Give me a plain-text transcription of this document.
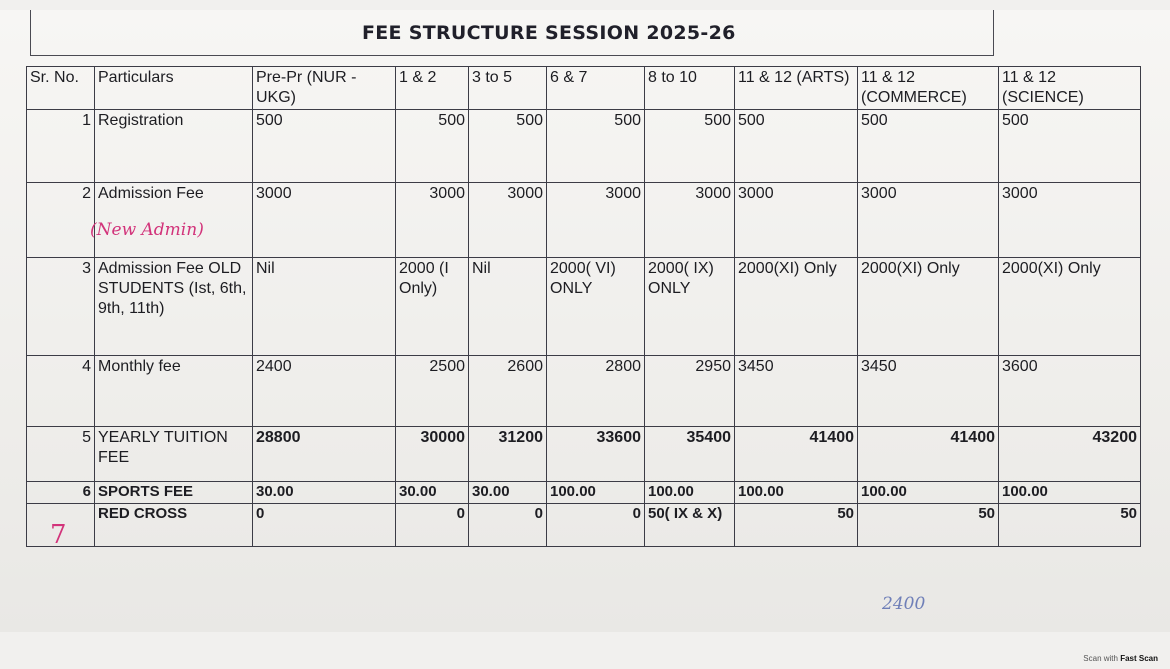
FEE STRUCTURE SESSION 2025-26
Sr. No.	Particulars	Pre-Pr (NUR - UKG)	1 & 2	3 to 5	6 & 7	8 to 10	11 & 12 (ARTS)	11 & 12 (COMMERCE)	11 & 12 (SCIENCE)
1	Registration	500	500	500	500	500	500	500	500
2	Admission Fee	3000	3000	3000	3000	3000	3000	3000	3000
3	Admission Fee OLD STUDENTS (Ist, 6th, 9th, 11th)	Nil	2000 (I Only)	Nil	2000( VI) ONLY	2000( IX) ONLY	2000(XI) Only	2000(XI) Only	2000(XI) Only
4	Monthly fee	2400	2500	2600	2800	2950	3450	3450	3600
5	YEARLY TUITION FEE	28800	30000	31200	33600	35400	41400	41400	43200
6	SPORTS FEE	30.00	30.00	30.00	100.00	100.00	100.00	100.00	100.00
	RED CROSS	0	0	0	0	50( IX & X)	50	50	50
(New Admin)
7
2400
Scan with Fast Scan
